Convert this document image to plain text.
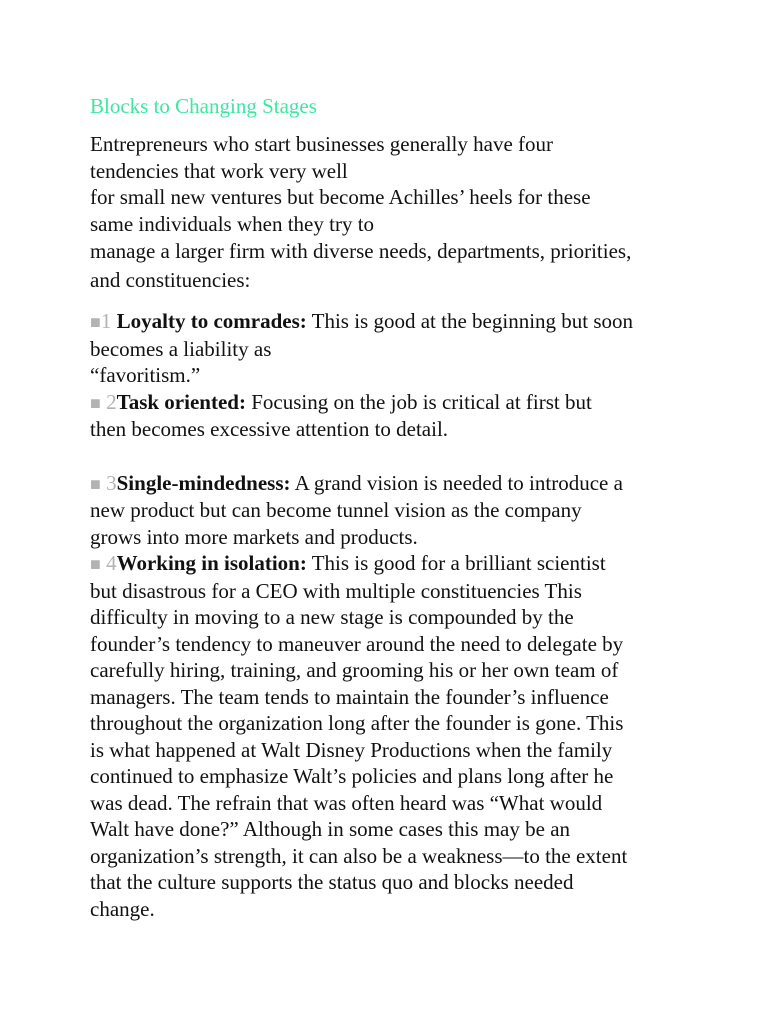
Blocks to Changing Stages
Entrepreneurs who start businesses generally have four
tendencies that work very well
for small new ventures but become Achilles’ heels for these
same individuals when they try to
manage a larger firm with diverse needs, departments, priorities,
and constituencies:
■1 Loyalty to comrades: This is good at the beginning but soon
becomes a liability as
“favoritism.”
■ 2Task oriented: Focusing on the job is critical at first but
then becomes excessive attention to detail.
■ 3Single-mindedness: A grand vision is needed to introduce a
new product but can become tunnel vision as the company
grows into more markets and products.
■ 4Working in isolation: This is good for a brilliant scientist
but disastrous for a CEO with multiple constituencies This
difficulty in moving to a new stage is compounded by the
founder’s tendency to maneuver around the need to delegate by
carefully hiring, training, and grooming his or her own team of
managers. The team tends to maintain the founder’s influence
throughout the organization long after the founder is gone. This
is what happened at Walt Disney Productions when the family
continued to emphasize Walt’s policies and plans long after he
was dead. The refrain that was often heard was “What would
Walt have done?” Although in some cases this may be an
organization’s strength, it can also be a weakness—to the extent
that the culture supports the status quo and blocks needed
change.
